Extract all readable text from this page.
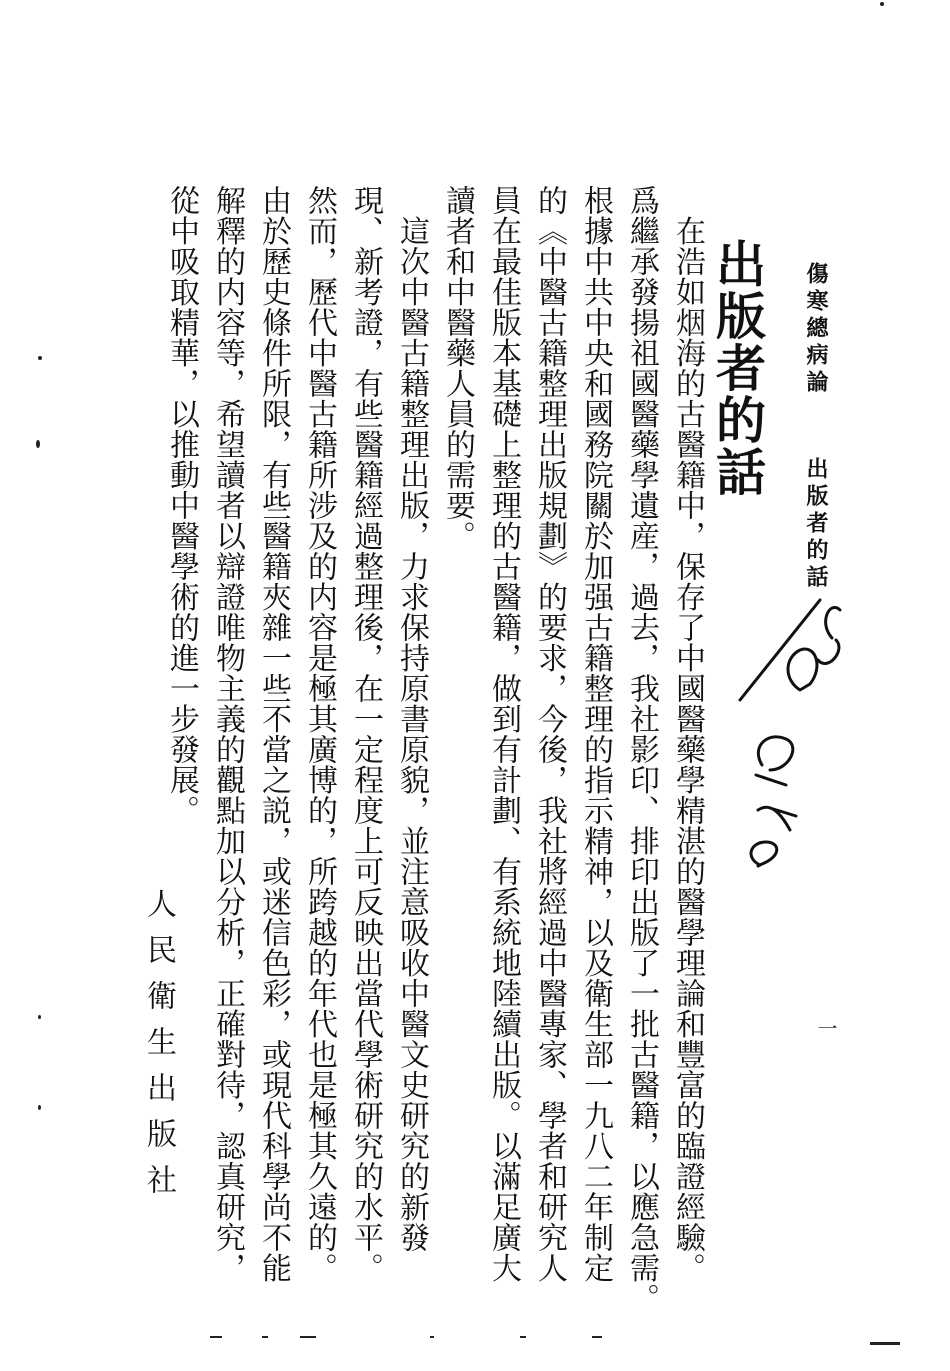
傷寒總病論 出版者的話
出版者的話
　在浩如烟海的古醫籍中，保存了中國醫藥學精湛的醫學理論和豐富的臨證經驗。
爲繼承發揚祖國醫藥學遺産，過去，我社影印、排印出版了一批古醫籍，以應急需。
根據中共中央和國務院關於加强古籍整理的指示精神，以及衛生部一九八二年制定
的《中醫古籍整理出版規劃》的要求，今後，我社將經過中醫專家、學者和研究人
員在最佳版本基礎上整理的古醫籍，做到有計劃、有系統地陸續出版。以滿足廣大
讀者和中醫藥人員的需要。
　這次中醫古籍整理出版，力求保持原書原貌，並注意吸收中醫文史研究的新發
現、新考證，有些醫籍經過整理後，在一定程度上可反映出當代學術研究的水平。
然而，歷代中醫古籍所涉及的内容是極其廣博的，所跨越的年代也是極其久遠的。
由於歷史條件所限，有些醫籍夾雜一些不當之説，或迷信色彩，或現代科學尚不能
解釋的内容等，希望讀者以辯證唯物主義的觀點加以分析，正確對待，認真研究，
從中吸取精華，以推動中醫學術的進一步發展。
人民衛生出版社	一
